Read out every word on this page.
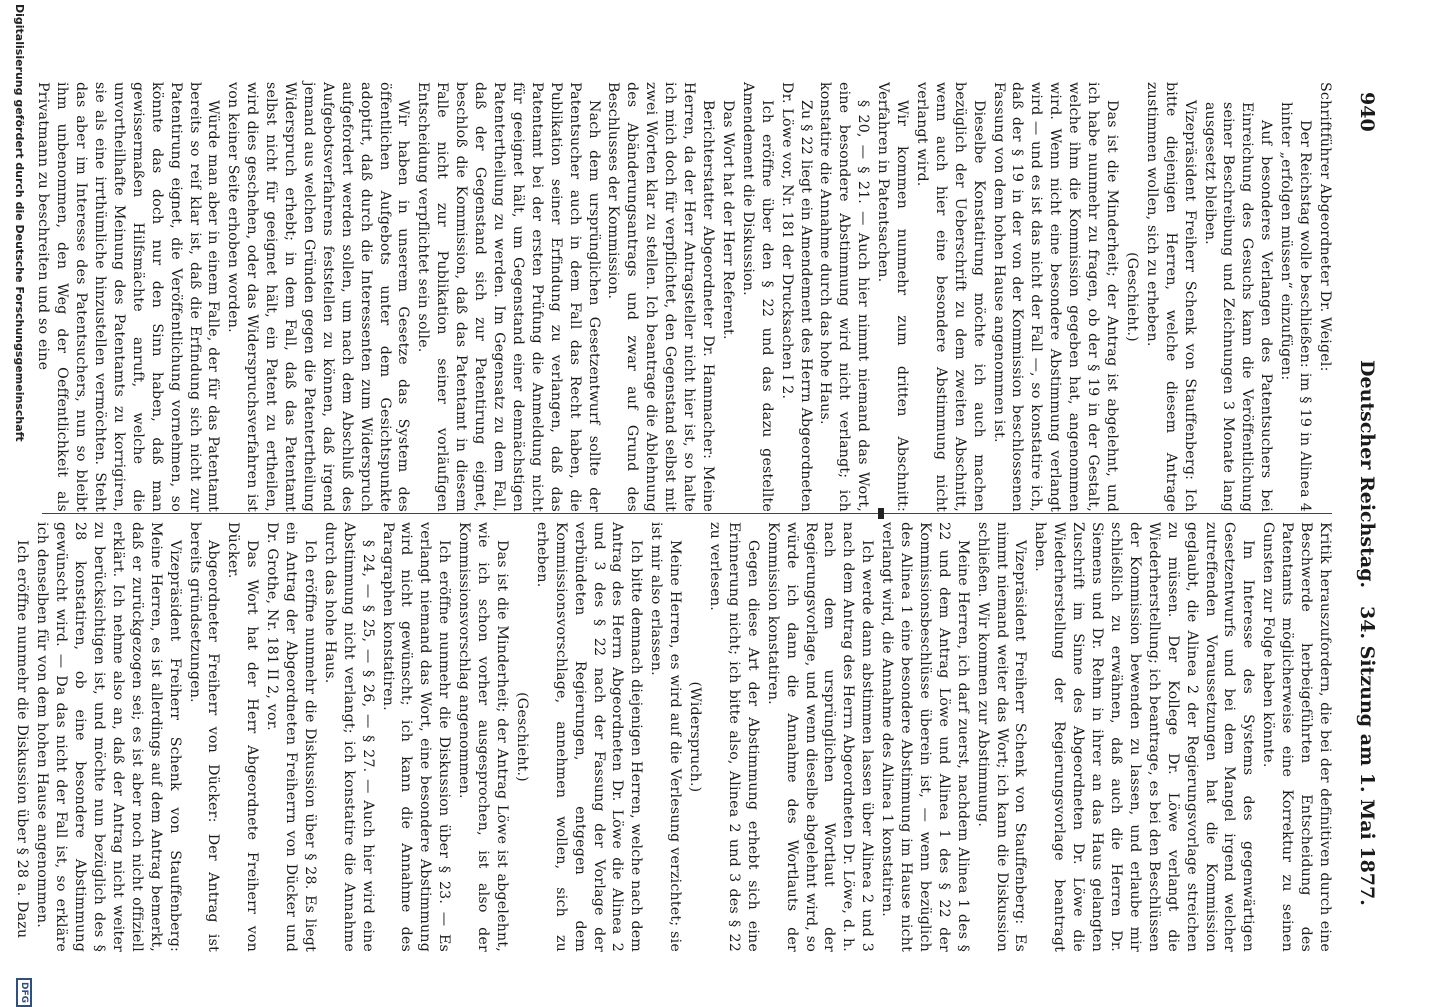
940
Deutscher Reichstag.
34. Sitzung am 1. Mai 1877.

Schriftführer Abgeordneter Dr. Weigel:

Der Reichstag wolle beschließen: im § 19 in Alinea 4 hinter „erfolgen müssen“ einzufügen:

Auf besonderes Verlangen des Patentsuchers bei Einreichung des Gesuchs kann die Veröffentlichung seiner Beschreibung und Zeichnungen 3 Monate lang ausgesetzt bleiben.

Vizepräsident Freiherr Schenk von Stauffenberg: Ich bitte diejenigen Herren, welche diesem Antrage zustimmen wollen, sich zu erheben.

(Geschieht.)

Das ist die Minderheit; der Antrag ist abgelehnt, und ich habe nunmehr zu fragen, ob der § 19 in der Gestalt, welche ihm die Kommission gegeben hat, angenommen wird. Wenn nicht eine besondere Abstimmung verlangt wird — und es ist das nicht der Fall —, so konstatire ich, daß der § 19 in der von der Kommission beschlossenen Fassung von dem hohen Hause angenommen ist.

Dieselbe Konstatirung möchte ich auch machen bezüglich der Ueberschrift zu dem zweiten Abschnitt, wenn auch hier eine besondere Abstimmung nicht verlangt wird.

Wir kommen nunmehr zum dritten Abschnitt: Verfahren in Patentsachen.

§ 20, — § 21. — Auch hier nimmt niemand das Wort, eine besondere Abstimmung wird nicht verlangt; ich konstatire die Annahme durch das hohe Haus.

Zu § 22 liegt ein Amendement des Herrn Abgeordneten Dr. Löwe vor, Nr. 181 der Drucksachen I 2.

Ich eröffne über den § 22 und das dazu gestellte Amendement die Diskussion.

Das Wort hat der Herr Referent.

Berichterstatter Abgeordneter Dr. Hammacher: Meine Herren, da der Herr Antragsteller nicht hier ist, so halte ich mich doch für verpflichtet, den Gegenstand selbst mit zwei Worten klar zu stellen. Ich beantrage die Ablehnung des Abänderungsantrags und zwar auf Grund des Beschlusses der Kommission.

Nach dem ursprünglichen Gesetzentwurf sollte der Patentsucher auch in dem Fall das Recht haben, die Publikation seiner Erfindung zu verlangen, daß das Patentamt bei der ersten Prüfung die Anmeldung nicht für geeignet hält, um Gegenstand einer demnächstigen Patentertheilung zu werden. Im Gegensatz zu dem Fall, daß der Gegenstand sich zur Patentirung eignet, beschloß die Kommission, daß das Patentamt in diesem Falle nicht zur Publikation seiner vorläufigen Entscheidung verpflichtet sein solle.

Wir haben in unserem Gesetze das System des öffentlichen Aufgebots unter dem Gesichtspunkte adoptirt, daß durch die Interessenten zum Widerspruch aufgefordert werden sollen, um nach dem Abschluß des Aufgebotsverfahrens feststellen zu können, daß irgend jemand aus welchen Gründen gegen die Patentertheilung Widerspruch erhebt; in dem Fall, daß das Patentamt selbst nicht für geeignet hält, ein Patent zu ertheilen, wird dies geschehen, oder das Widerspruchsverfahren ist von keiner Seite erhoben worden.

Würde man aber in einem Falle, der für das Patentamt bereits so reif klar ist, daß die Erfindung sich nicht zur Patentirung eignet, die Veröffentlichung vornehmen, so könnte das doch nur den Sinn haben, daß man gewissermaßen Hilfsmächte anruft, welche die unvortheilhafte Meinung des Patentamts zu korrigiren, sie als eine irrthümliche hinzustellen vermöchten. Steht das aber im Interesse des Patentsuchers, nun so bleibt ihm unbenommen, den Weg der Oeffentlichkeit als Privatmann zu beschreiten und so eine

Kritik herauszufordern, die bei der definitiven durch eine Beschwerde herbeigeführten Entscheidung des Patentamts möglicherweise eine Korrektur zu seinen Gunsten zur Folge haben könnte.

Im Interesse des Systems des gegenwärtigen Gesetzentwurfs und bei dem Mangel irgend welcher zutreffenden Voraussetzungen hat die Kommission geglaubt, die Alinea 2 der Regierungsvorlage streichen zu müssen. Der Kollege Dr. Löwe verlangt die Wiederherstellung; ich beantrage, es bei den Beschlüssen der Kommission bewenden zu lassen, und erlaube mir schließlich zu erwähnen, daß auch die Herren Dr. Siemens und Dr. Rehm in ihrer an das Haus gelangten Zuschrift im Sinne des Abgeordneten Dr. Löwe die Wiederherstellung der Regierungsvorlage beantragt haben.

Vizepräsident Freiherr Schenk von Stauffenberg: Es nimmt niemand weiter das Wort; ich kann die Diskussion schließen. Wir kommen zur Abstimmung.

Meine Herren, ich darf zuerst, nachdem Alinea 1 des § 22 und dem Antrag Löwe und Alinea 1 des § 22 der Kommissionsbeschlüsse überein ist, — wenn bezüglich des Alinea 1 eine besondere Abstimmung im Hause nicht verlangt wird, die Annahme des Alinea 1 konstatiren.

Ich werde dann abstimmen lassen über Alinea 2 und 3 nach dem Antrag des Herrn Abgeordneten Dr. Löwe, d. h. nach dem ursprünglichen Wortlaut der Regierungsvorlage, und wenn dieselbe abgelehnt wird, so würde ich dann die Annahme des Wortlauts der Kommission konstatiren.

Gegen diese Art der Abstimmung erhebt sich eine Erinnerung nicht; ich bitte also, Alinea 2 und 3 des § 22 zu verlesen.

(Widerspruch.)

Meine Herren, es wird auf die Verlesung verzichtet; sie ist mir also erlassen.

Ich bitte demnach diejenigen Herren, welche nach dem Antrag des Herrn Abgeordneten Dr. Löwe die Alinea 2 und 3 des § 22 nach der Fassung der Vorlage der verbündeten Regierungen, entgegen dem Kommissionsvorschlage, annehmen wollen, sich zu erheben.

(Geschieht.)

Das ist die Minderheit; der Antrag Löwe ist abgelehnt, wie ich schon vorher ausgesprochen, ist also der Kommissionsvorschlag angenommen.

Ich eröffne nunmehr die Diskussion über § 23. — Es verlangt niemand das Wort, eine besondere Abstimmung wird nicht gewünscht; ich kann die Annahme des Paragraphen konstatiren.

§ 24, — § 25, — § 26, — § 27. — Auch hier wird eine Abstimmung nicht verlangt; ich konstatire die Annahme durch das hohe Haus.

Ich eröffne nunmehr die Diskussion über § 28. Es liegt ein Antrag der Abgeordneten Freiherrn von Dücker und Dr. Grothe, Nr. 181 II 2, vor.

Das Wort hat der Herr Abgeordnete Freiherr von Dücker.

Abgeordneter Freiherr von Dücker: Der Antrag ist bereits gründsetzungen.

Vizepräsident Freiherr Schenk von Stauffenberg: Meine Herren, es ist allerdings auf dem Antrag bemerkt, daß er zurückgezogen sei; es ist aber noch nicht offiziell erklärt. Ich nehme also an, daß der Antrag nicht weiter zu berücksichtigen ist, und möchte nun bezüglich des § 28 konstatiren, ob eine besondere Abstimmung gewünscht wird. — Da das nicht der Fall ist, so erkläre ich denselben für von dem hohen Hause angenommen.

Ich eröffne nunmehr die Diskussion über § 28 a. Dazu

Digitalisierung gefördert durch die Deutsche Forschungsgemeinschaft
DFG
